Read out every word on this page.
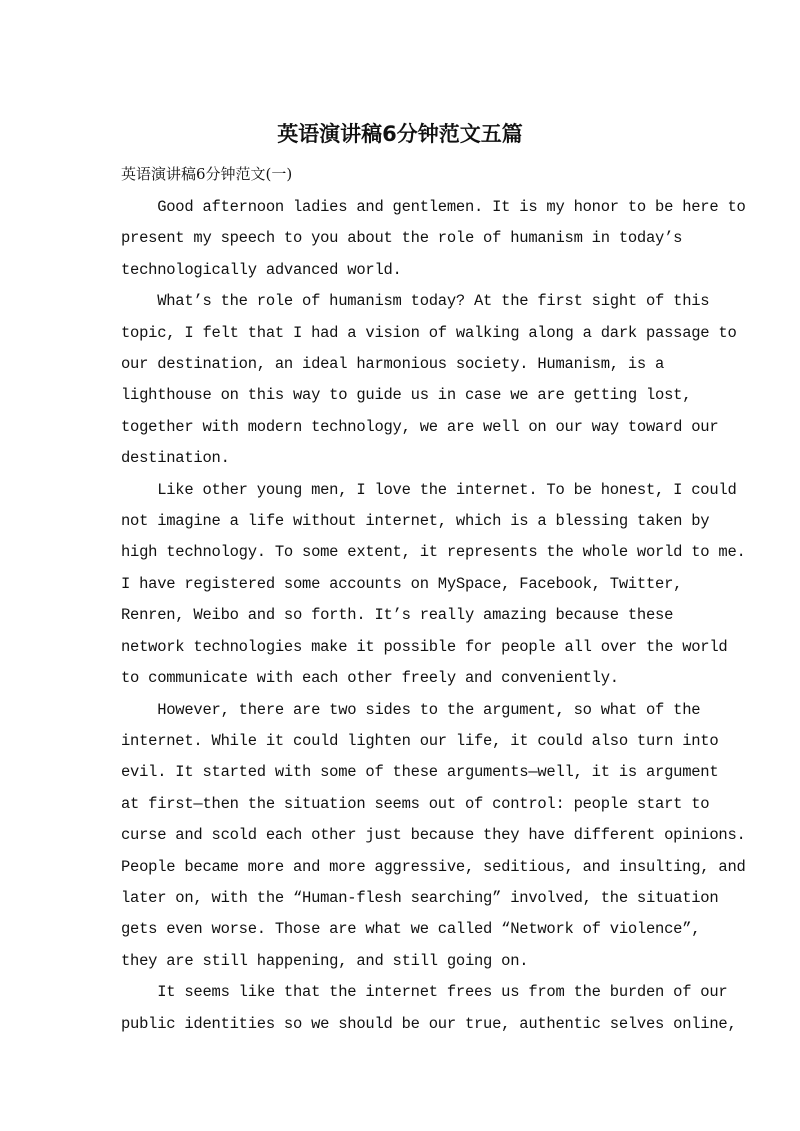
英语演讲稿6分钟范文五篇

英语演讲稿6分钟范文(一)

Good afternoon ladies and gentlemen. It is my honor to be here to
present my speech to you about the role of humanism in today’s
technologically advanced world.

What’s the role of humanism today? At the first sight of this
topic, I felt that I had a vision of walking along a dark passage to
our destination, an ideal harmonious society. Humanism, is a
lighthouse on this way to guide us in case we are getting lost,
together with modern technology, we are well on our way toward our
destination.

Like other young men, I love the internet. To be honest, I could
not imagine a life without internet, which is a blessing taken by
high technology. To some extent, it represents the whole world to me.
I have registered some accounts on MySpace, Facebook, Twitter,
Renren, Weibo and so forth. It’s really amazing because these
network technologies make it possible for people all over the world
to communicate with each other freely and conveniently.

However, there are two sides to the argument, so what of the
internet. While it could lighten our life, it could also turn into
evil. It started with some of these arguments—well, it is argument
at first—then the situation seems out of control: people start to
curse and scold each other just because they have different opinions.
People became more and more aggressive, seditious, and insulting, and
later on, with the “Human-flesh searching” involved, the situation
gets even worse. Those are what we called “Network of violence”,
they are still happening, and still going on.

It seems like that the internet frees us from the burden of our
public identities so we should be our true, authentic selves online,
